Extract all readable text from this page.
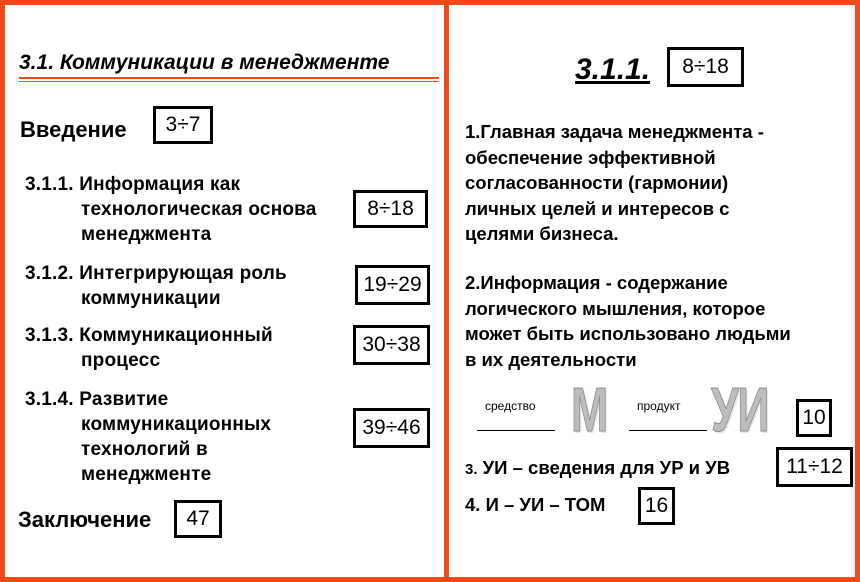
3.1. Коммуникации в менеджменте
Введение	3÷7
3.1.1. Информация как
технологическая основа
менеджмента
8÷18
3.1.2. Интегрирующая роль
коммуникации
19÷29
3.1.3. Коммуникационный
процесс
30÷38
3.1.4. Развитие
коммуникационных
технологий в
менеджменте
39÷46
Заключение	47
3.1.1.	8÷18
1.Главная задача менеджмента -
обеспечение эффективной
согласованности (гармонии)
личных целей и интересов с
целями бизнеса.
2.Информация - содержание
логического мышления, которое
может быть использовано людьми
в их деятельности
средство М	продукт УИ	10
3. УИ – сведения для УР и УВ	11÷12
4. И – УИ – ТОМ	16
